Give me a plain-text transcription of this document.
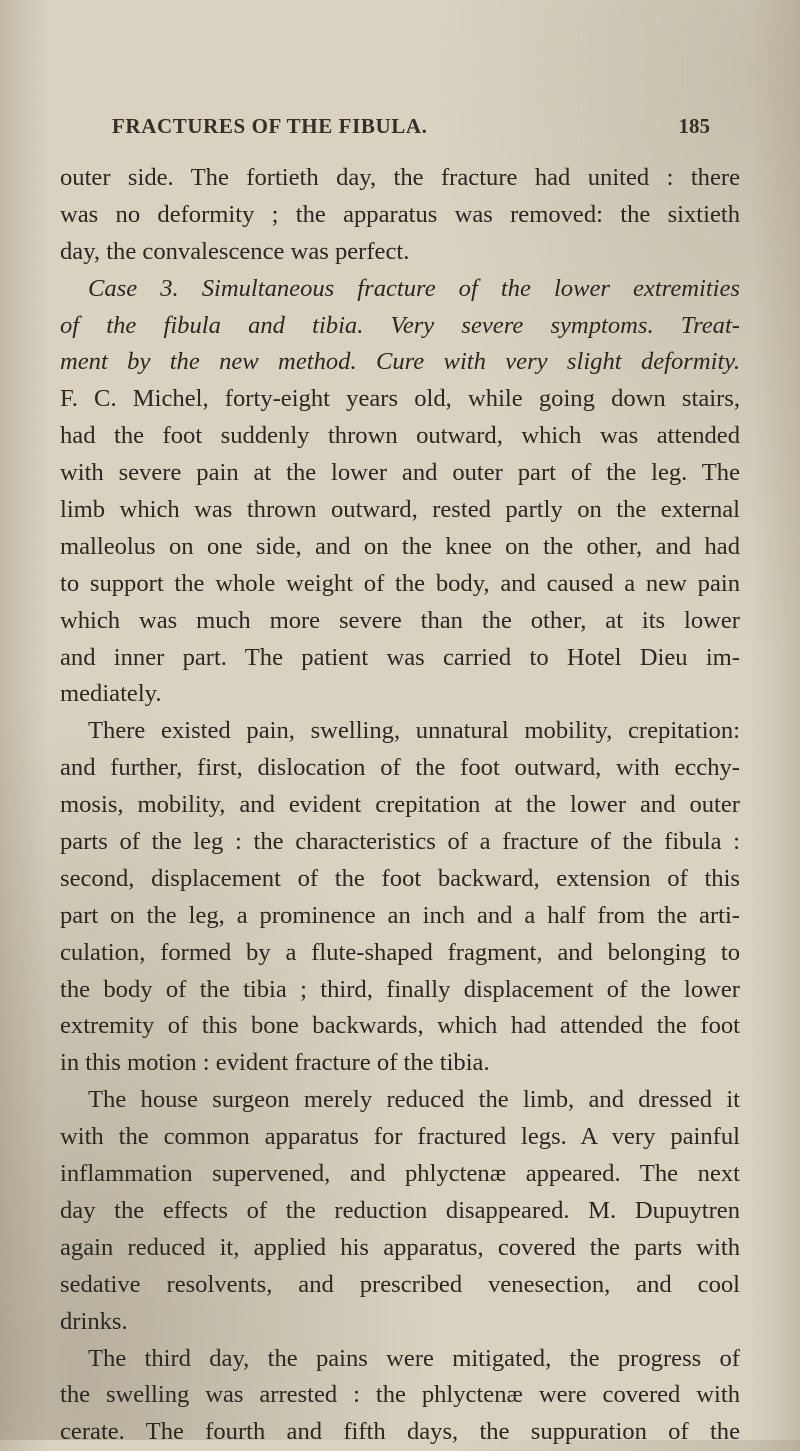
FRACTURES OF THE FIBULA.	185
outer side. The fortieth day, the fracture had united : there
was no deformity ; the apparatus was removed: the sixtieth
day, the convalescence was perfect.
Case 3. Simultaneous fracture of the lower extremities
of the fibula and tibia. Very severe symptoms. Treat-
ment by the new method. Cure with very slight deformity.
F. C. Michel, forty-eight years old, while going down stairs,
had the foot suddenly thrown outward, which was attended
with severe pain at the lower and outer part of the leg. The
limb which was thrown outward, rested partly on the external
malleolus on one side, and on the knee on the other, and had
to support the whole weight of the body, and caused a new pain
which was much more severe than the other, at its lower
and inner part. The patient was carried to Hotel Dieu im-
mediately.
There existed pain, swelling, unnatural mobility, crepitation:
and further, first, dislocation of the foot outward, with ecchy-
mosis, mobility, and evident crepitation at the lower and outer
parts of the leg : the characteristics of a fracture of the fibula :
second, displacement of the foot backward, extension of this
part on the leg, a prominence an inch and a half from the arti-
culation, formed by a flute-shaped fragment, and belonging to
the body of the tibia ; third, finally displacement of the lower
extremity of this bone backwards, which had attended the foot
in this motion : evident fracture of the tibia.
The house surgeon merely reduced the limb, and dressed it
with the common apparatus for fractured legs. A very painful
inflammation supervened, and phlyctenæ appeared. The next
day the effects of the reduction disappeared. M. Dupuytren
again reduced it, applied his apparatus, covered the parts with
sedative resolvents, and prescribed venesection, and cool
drinks.
The third day, the pains were mitigated, the progress of
the swelling was arrested : the phlyctenæ were covered with
cerate. The fourth and fifth days, the suppuration of the
